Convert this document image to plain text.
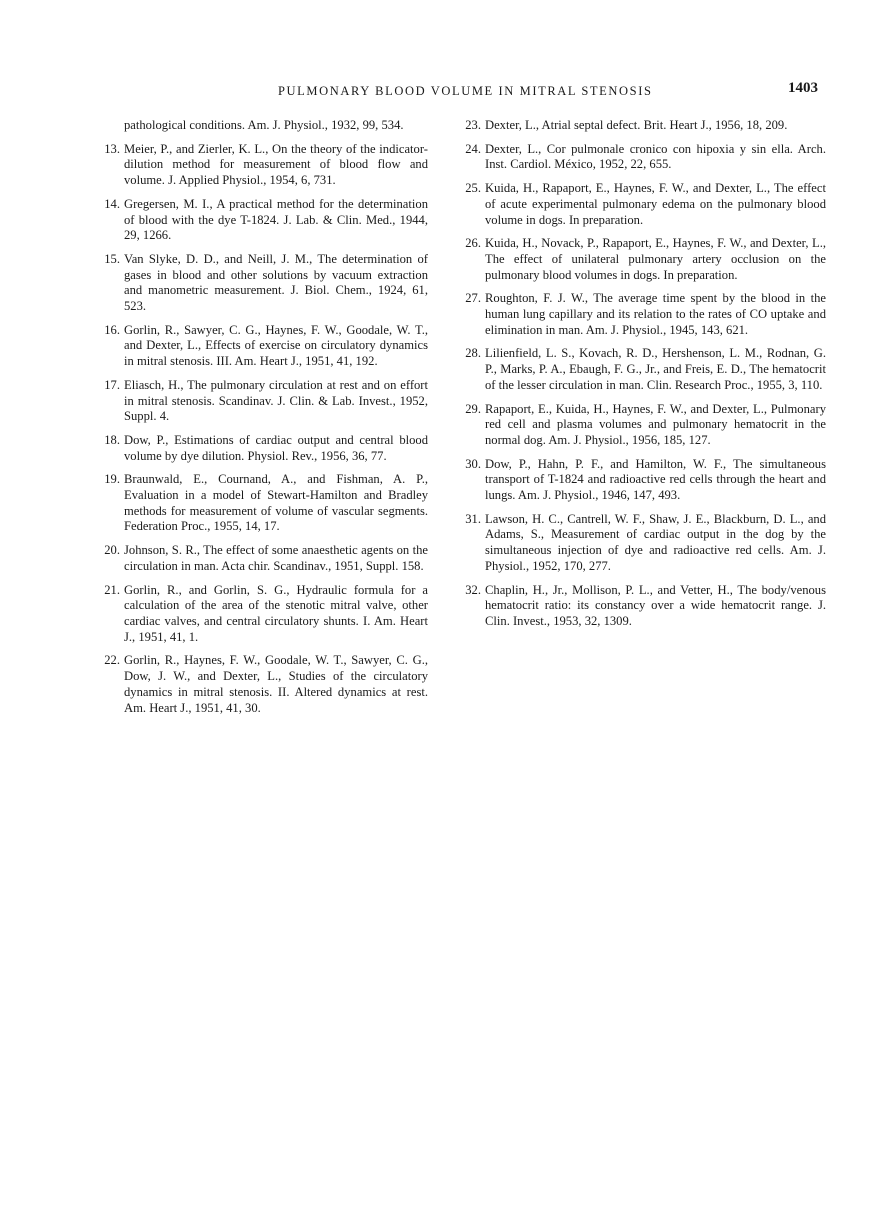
PULMONARY BLOOD VOLUME IN MITRAL STENOSIS	1403
pathological conditions. Am. J. Physiol., 1932, 99, 534.
13. Meier, P., and Zierler, K. L., On the theory of the indicator-dilution method for measurement of blood flow and volume. J. Applied Physiol., 1954, 6, 731.
14. Gregersen, M. I., A practical method for the determination of blood with the dye T-1824. J. Lab. & Clin. Med., 1944, 29, 1266.
15. Van Slyke, D. D., and Neill, J. M., The determination of gases in blood and other solutions by vacuum extraction and manometric measurement. J. Biol. Chem., 1924, 61, 523.
16. Gorlin, R., Sawyer, C. G., Haynes, F. W., Goodale, W. T., and Dexter, L., Effects of exercise on circulatory dynamics in mitral stenosis. III. Am. Heart J., 1951, 41, 192.
17. Eliasch, H., The pulmonary circulation at rest and on effort in mitral stenosis. Scandinav. J. Clin. & Lab. Invest., 1952, Suppl. 4.
18. Dow, P., Estimations of cardiac output and central blood volume by dye dilution. Physiol. Rev., 1956, 36, 77.
19. Braunwald, E., Cournand, A., and Fishman, A. P., Evaluation in a model of Stewart-Hamilton and Bradley methods for measurement of volume of vascular segments. Federation Proc., 1955, 14, 17.
20. Johnson, S. R., The effect of some anaesthetic agents on the circulation in man. Acta chir. Scandinav., 1951, Suppl. 158.
21. Gorlin, R., and Gorlin, S. G., Hydraulic formula for a calculation of the area of the stenotic mitral valve, other cardiac valves, and central circulatory shunts. I. Am. Heart J., 1951, 41, 1.
22. Gorlin, R., Haynes, F. W., Goodale, W. T., Sawyer, C. G., Dow, J. W., and Dexter, L., Studies of the circulatory dynamics in mitral stenosis. II. Altered dynamics at rest. Am. Heart J., 1951, 41, 30.
23. Dexter, L., Atrial septal defect. Brit. Heart J., 1956, 18, 209.
24. Dexter, L., Cor pulmonale cronico con hipoxia y sin ella. Arch. Inst. Cardiol. México, 1952, 22, 655.
25. Kuida, H., Rapaport, E., Haynes, F. W., and Dexter, L., The effect of acute experimental pulmonary edema on the pulmonary blood volume in dogs. In preparation.
26. Kuida, H., Novack, P., Rapaport, E., Haynes, F. W., and Dexter, L., The effect of unilateral pulmonary artery occlusion on the pulmonary blood volumes in dogs. In preparation.
27. Roughton, F. J. W., The average time spent by the blood in the human lung capillary and its relation to the rates of CO uptake and elimination in man. Am. J. Physiol., 1945, 143, 621.
28. Lilienfield, L. S., Kovach, R. D., Hershenson, L. M., Rodnan, G. P., Marks, P. A., Ebaugh, F. G., Jr., and Freis, E. D., The hematocrit of the lesser circulation in man. Clin. Research Proc., 1955, 3, 110.
29. Rapaport, E., Kuida, H., Haynes, F. W., and Dexter, L., Pulmonary red cell and plasma volumes and pulmonary hematocrit in the normal dog. Am. J. Physiol., 1956, 185, 127.
30. Dow, P., Hahn, P. F., and Hamilton, W. F., The simultaneous transport of T-1824 and radioactive red cells through the heart and lungs. Am. J. Physiol., 1946, 147, 493.
31. Lawson, H. C., Cantrell, W. F., Shaw, J. E., Blackburn, D. L., and Adams, S., Measurement of cardiac output in the dog by the simultaneous injection of dye and radioactive red cells. Am. J. Physiol., 1952, 170, 277.
32. Chaplin, H., Jr., Mollison, P. L., and Vetter, H., The body/venous hematocrit ratio: its constancy over a wide hematocrit range. J. Clin. Invest., 1953, 32, 1309.
